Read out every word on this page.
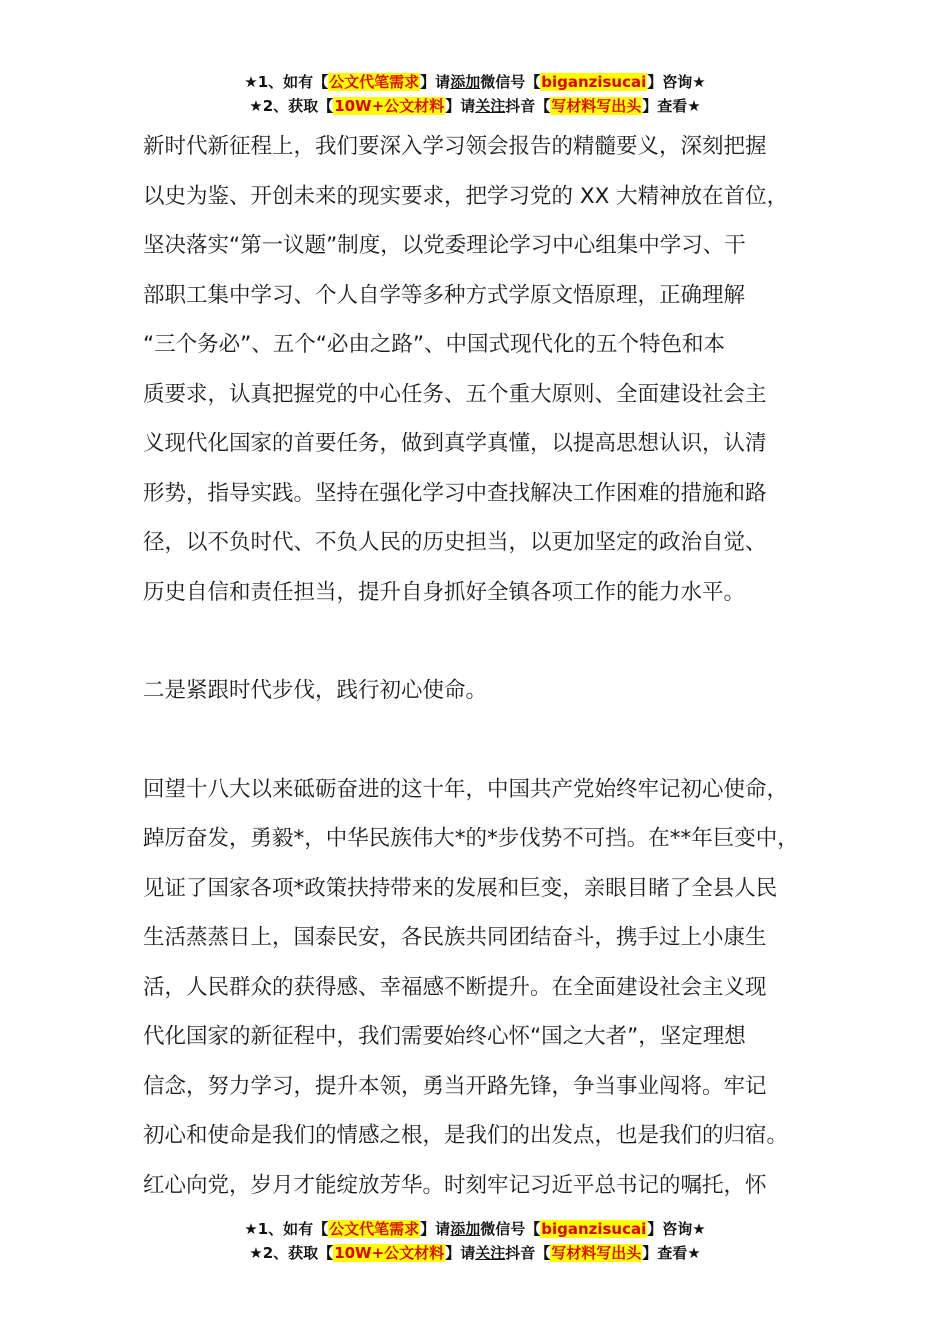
★1、如有【公文代笔需求】请添加微信号【biganzisucai】咨询★
★2、获取【10W+公文材料】请关注抖音【写材料写出头】查看★

新时代新征程上，我们要深入学习领会报告的精髓要义，深刻把握
以史为鉴、开创未来的现实要求，把学习党的 XX 大精神放在首位，
坚决落实“第一议题”制度，以党委理论学习中心组集中学习、干
部职工集中学习、个人自学等多种方式学原文悟原理，正确理解
“三个务必”、五个“必由之路”、中国式现代化的五个特色和本
质要求，认真把握党的中心任务、五个重大原则、全面建设社会主
义现代化国家的首要任务，做到真学真懂，以提高思想认识，认清
形势，指导实践。坚持在强化学习中查找解决工作困难的措施和路
径，以不负时代、不负人民的历史担当，以更加坚定的政治自觉、
历史自信和责任担当，提升自身抓好全镇各项工作的能力水平。

二是紧跟时代步伐，践行初心使命。

回望十八大以来砥砺奋进的这十年，中国共产党始终牢记初心使命，
踔厉奋发，勇毅*，中华民族伟大*的*步伐势不可挡。在**年巨变中，
见证了国家各项*政策扶持带来的发展和巨变，亲眼目睹了全县人民
生活蒸蒸日上，国泰民安，各民族共同团结奋斗，携手过上小康生
活，人民群众的获得感、幸福感不断提升。在全面建设社会主义现
代化国家的新征程中，我们需要始终心怀“国之大者”，坚定理想
信念，努力学习，提升本领，勇当开路先锋，争当事业闯将。牢记
初心和使命是我们的情感之根，是我们的出发点，也是我们的归宿。
红心向党，岁月才能绽放芳华。时刻牢记习近平总书记的嘱托，怀

★1、如有【公文代笔需求】请添加微信号【biganzisucai】咨询★
★2、获取【10W+公文材料】请关注抖音【写材料写出头】查看★
